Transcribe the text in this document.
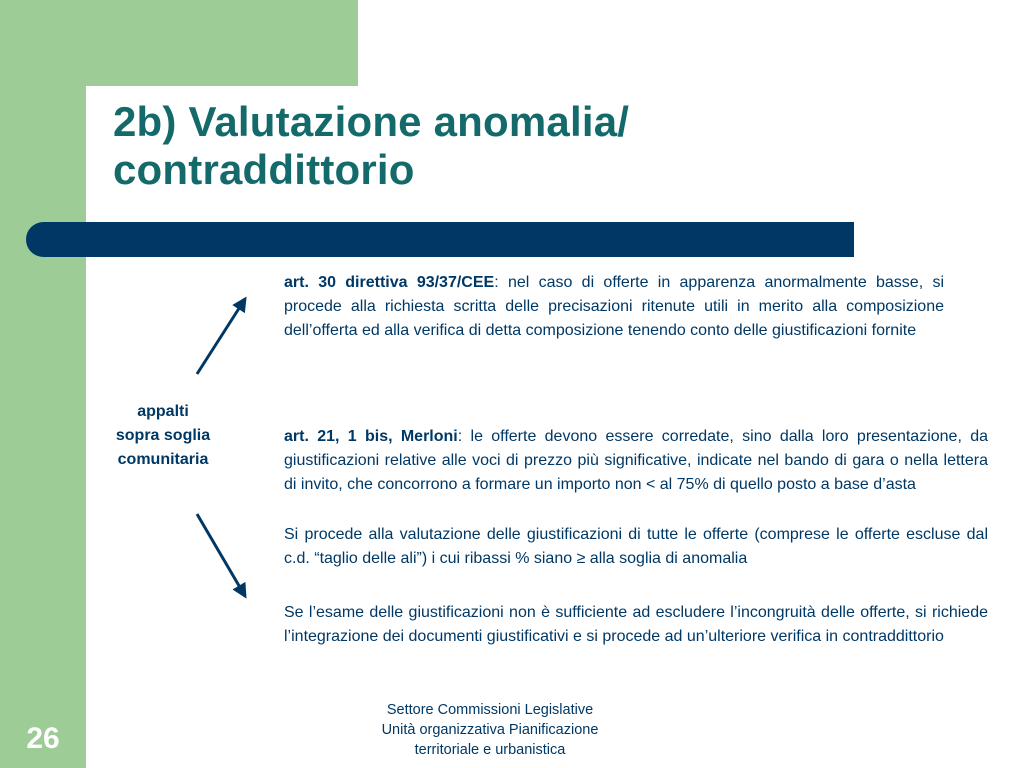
2b) Valutazione anomalia/
contraddittorio
26
appalti
sopra soglia
comunitaria

art. 30 direttiva 93/37/CEE: nel caso di offerte in apparenza anormalmente basse, si procede alla richiesta scritta delle precisazioni ritenute utili in merito alla composizione dell’offerta ed alla verifica di detta composizione tenendo conto delle giustificazioni fornite

art. 21, 1 bis, Merloni: le offerte devono essere corredate, sino dalla loro presentazione, da giustificazioni relative alle voci di prezzo più significative, indicate nel bando di gara o nella lettera di invito, che concorrono a formare un importo non < al 75% di quello posto a base d’asta

Si procede alla valutazione delle giustificazioni di tutte le offerte (comprese le offerte escluse dal c.d. “taglio delle ali”) i cui ribassi % siano ≥ alla soglia di anomalia

Se l’esame delle giustificazioni non è sufficiente ad escludere l’incongruità delle offerte, si richiede l’integrazione dei documenti giustificativi e si procede ad un’ulteriore verifica in contraddittorio

Settore Commissioni Legislative
Unità organizzativa Pianificazione
territoriale e urbanistica
